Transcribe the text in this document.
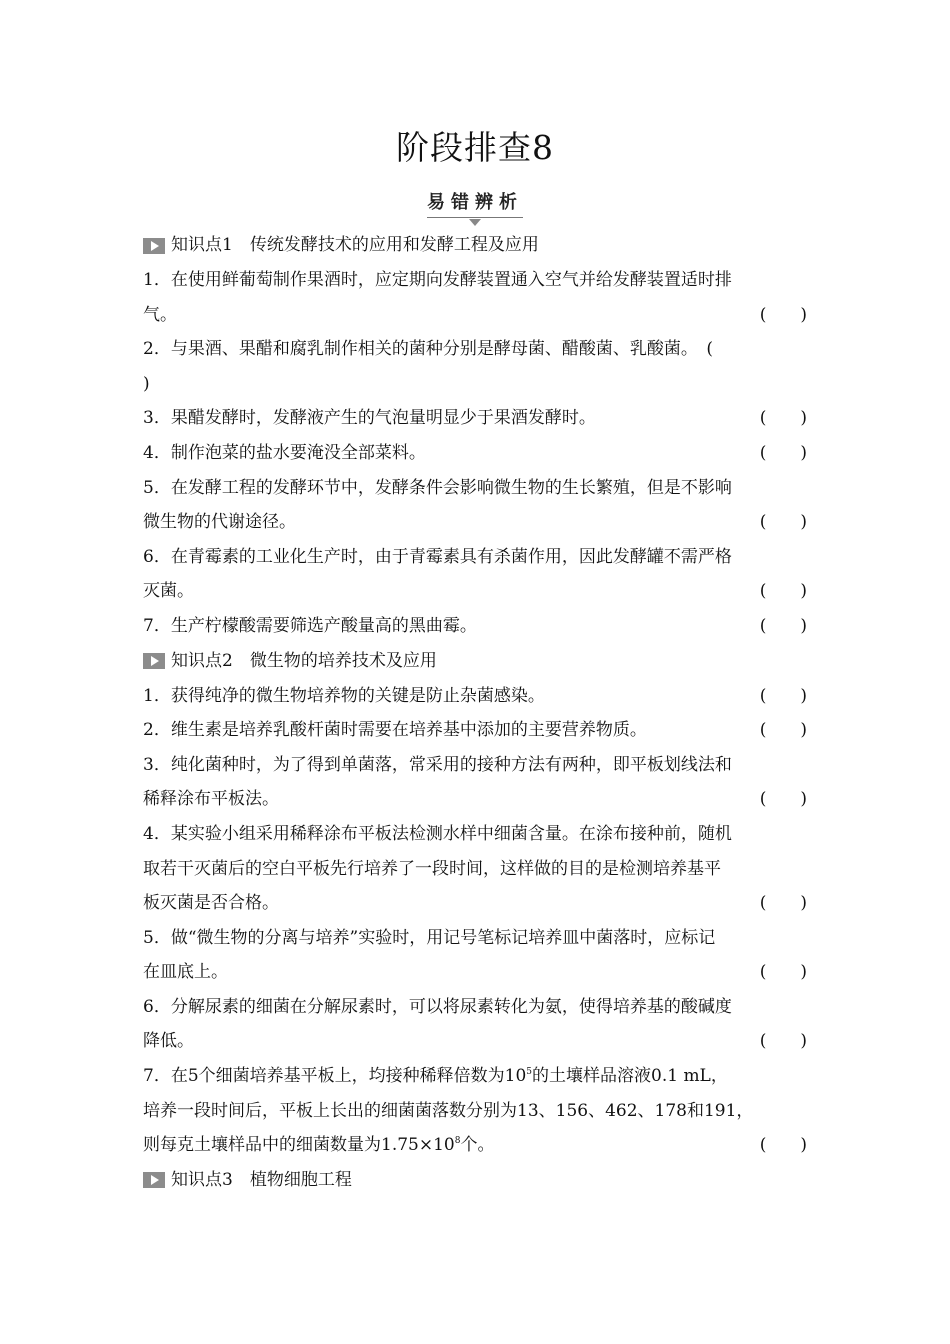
阶段排查8
易错辨析
知识点1　传统发酵技术的应用和发酵工程及应用
1．在使用鲜葡萄制作果酒时，应定期向发酵装置通入空气并给发酵装置适时排
气。	(　　)
2．与果酒、果醋和腐乳制作相关的菌种分别是酵母菌、醋酸菌、乳酸菌。　(
)
3．果醋发酵时，发酵液产生的气泡量明显少于果酒发酵时。	(　　)
4．制作泡菜的盐水要淹没全部菜料。	(　　)
5．在发酵工程的发酵环节中，发酵条件会影响微生物的生长繁殖，但是不影响
微生物的代谢途径。	(　　)
6．在青霉素的工业化生产时，由于青霉素具有杀菌作用，因此发酵罐不需严格
灭菌。	(　　)
7．生产柠檬酸需要筛选产酸量高的黑曲霉。	(　　)
知识点2　微生物的培养技术及应用
1．获得纯净的微生物培养物的关键是防止杂菌感染。	(　　)
2．维生素是培养乳酸杆菌时需要在培养基中添加的主要营养物质。	(　　)
3．纯化菌种时，为了得到单菌落，常采用的接种方法有两种，即平板划线法和
稀释涂布平板法。	(　　)
4．某实验小组采用稀释涂布平板法检测水样中细菌含量。在涂布接种前，随机
取若干灭菌后的空白平板先行培养了一段时间，这样做的目的是检测培养基平
板灭菌是否合格。	(　　)
5．做“微生物的分离与培养”实验时，用记号笔标记培养皿中菌落时，应标记
在皿底上。	(　　)
6．分解尿素的细菌在分解尿素时，可以将尿素转化为氨，使得培养基的酸碱度
降低。	(　　)
7．在5个细菌培养基平板上，均接种稀释倍数为$10^5$的土壤样品溶液0.1 mL，
培养一段时间后，平板上长出的细菌菌落数分别为13、156、462、178和191，
则每克土壤样品中的细菌数量为$1.75\times 10^8$个。	(　　)
知识点3　植物细胞工程
